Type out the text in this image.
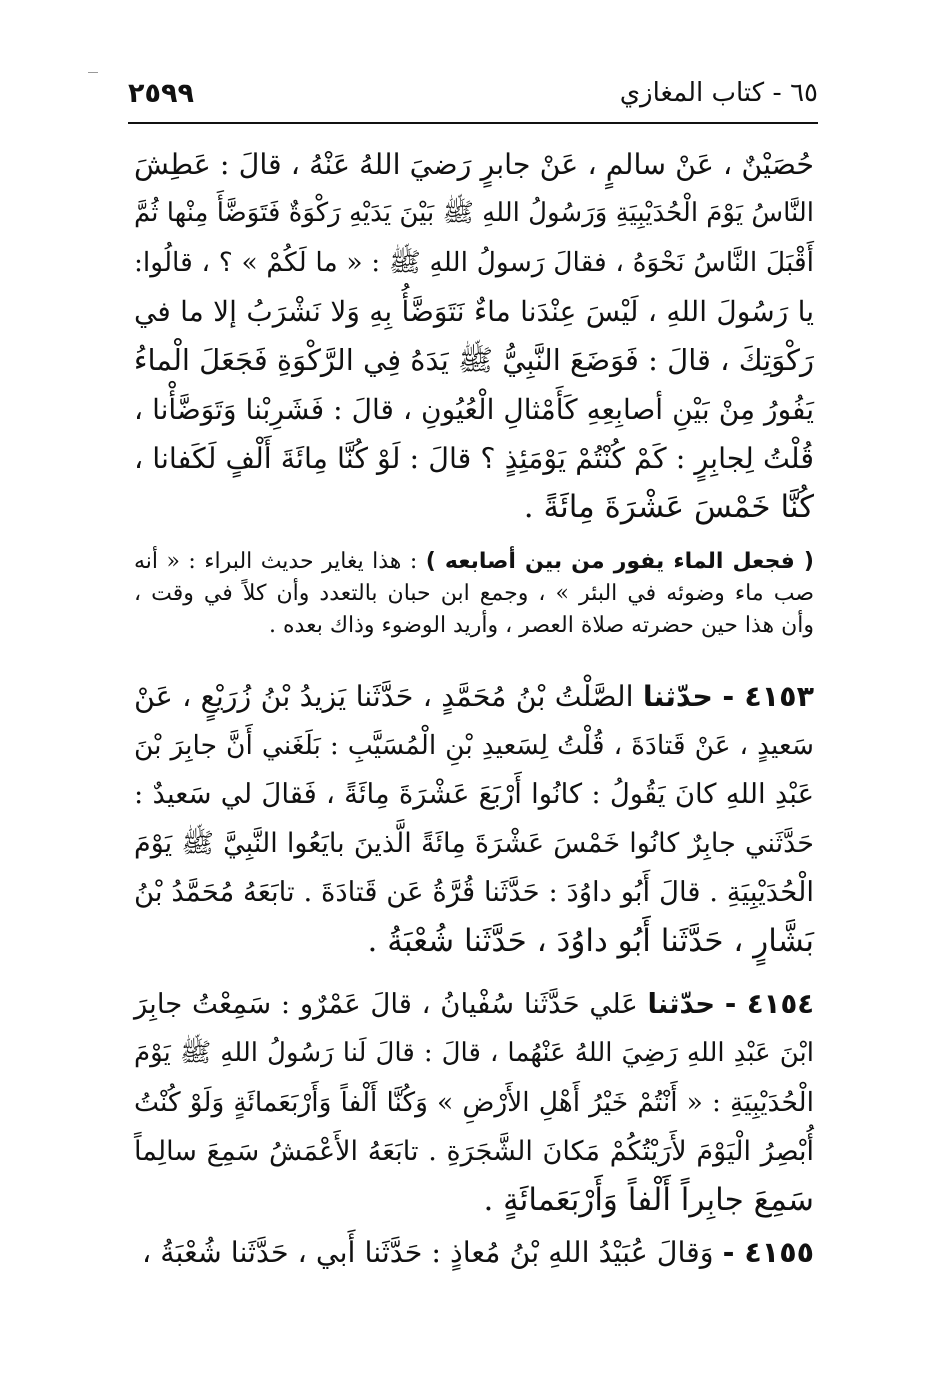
٢٥٩٩	٦٥ - كتاب المغازي
حُصَيْنٌ ، عَنْ سالمٍ ، عَنْ جابرٍ رَضيَ اللهُ عَنْهُ ، قالَ : عَطِشَ
النَّاسُ يَوْمَ الْحُدَيْبِيَةِ وَرَسُولُ اللهِ ﷺ بَيْنَ يَدَيْهِ رَكْوَةٌ فَتَوَضَّأَ مِنْها ثُمَّ
أَقْبَلَ النَّاسُ نَحْوَهُ ، فقالَ رَسولُ اللهِ ﷺ : « ما لَكُمْ » ؟ ، قالُوا:
يا رَسُولَ اللهِ ، لَيْسَ عِنْدَنا ماءٌ نَتَوَضَّأُ بِهِ وَلا نَشْرَبُ إلا ما في
رَكْوَتِكَ ، قالَ : فَوَضَعَ النَّبِيُّ ﷺ يَدَهُ فِي الرَّكْوَةِ فَجَعَلَ الْماءُ
يَفُورُ مِنْ بَيْنِ أصابِعِهِ كَأَمْثالِ الْعُيُونِ ، قالَ : فَشَرِبْنا وَتَوَضَّأْنا ،
قُلْتُ لِجابِرٍ : كَمْ كُنْتُمْ يَوْمَئِذٍ ؟ قالَ : لَوْ كُنَّا مِائَةَ أَلْفٍ لَكَفانا ،
كُنَّا خَمْسَ عَشْرَةَ مِائَةً .
( فجعل الماء يفور من بين أصابعه ) : هذا يغاير حديث البراء : « أنه
صب ماء وضوئه في البئر » ، وجمع ابن حبان بالتعدد وأن كلاً في وقت ،
وأن هذا حين حضرته صلاة العصر ، وأريد الوضوء وذاك بعده .
٤١٥٣ - حدّثنا الصَّلْتُ بْنُ مُحَمَّدٍ ، حَدَّثَنا يَزيدُ بْنُ زُرَيْعٍ ، عَنْ
سَعيدٍ ، عَنْ قَتادَةَ ، قُلْتُ لِسَعيدِ بْنِ الْمُسَيَّبِ : بَلَغَني أَنَّ جابِرَ بْنَ
عَبْدِ اللهِ كانَ يَقُولُ : كانُوا أَرْبَعَ عَشْرَةَ مِائَةً ، فَقالَ لي سَعيدٌ :
حَدَّثَني جابِرٌ كانُوا خَمْسَ عَشْرَةَ مِائَةً الَّذينَ بايَعُوا النَّبِيَّ ﷺ يَوْمَ
الْحُدَيْبِيَةِ . قالَ أَبُو داوُدَ : حَدَّثَنا قُرَّةُ عَن قَتادَةَ . تابَعَهُ مُحَمَّدُ بْنُ
بَشَّارٍ ، حَدَّثَنا أَبُو داوُدَ ، حَدَّثَنا شُعْبَةُ .
٤١٥٤ - حدّثنا عَلي حَدَّثَنا سُفْيانُ ، قالَ عَمْرٌو : سَمِعْتُ جابِرَ
ابْنَ عَبْدِ اللهِ رَضِيَ اللهُ عَنْهُما ، قالَ : قالَ لَنا رَسُولُ اللهِ ﷺ يَوْمَ
الْحُدَيْبِيَةِ : « أَنْتُمْ خَيْرُ أَهْلِ الأَرْضِ » وَكُنَّا أَلْفاً وَأَرْبَعَمائَةٍ وَلَوْ كُنْتُ
أُبْصِرُ الْيَوْمَ لأَرَيْتُكُمْ مَكانَ الشَّجَرَةِ . تابَعَهُ الأَعْمَشُ سَمِعَ سالِماً
سَمِعَ جابِراً أَلْفاً وَأَرْبَعَمائَةٍ .
٤١٥٥ - وَقالَ عُبَيْدُ اللهِ بْنُ مُعاذٍ : حَدَّثَنا أَبي ، حَدَّثَنا شُعْبَةُ ،
